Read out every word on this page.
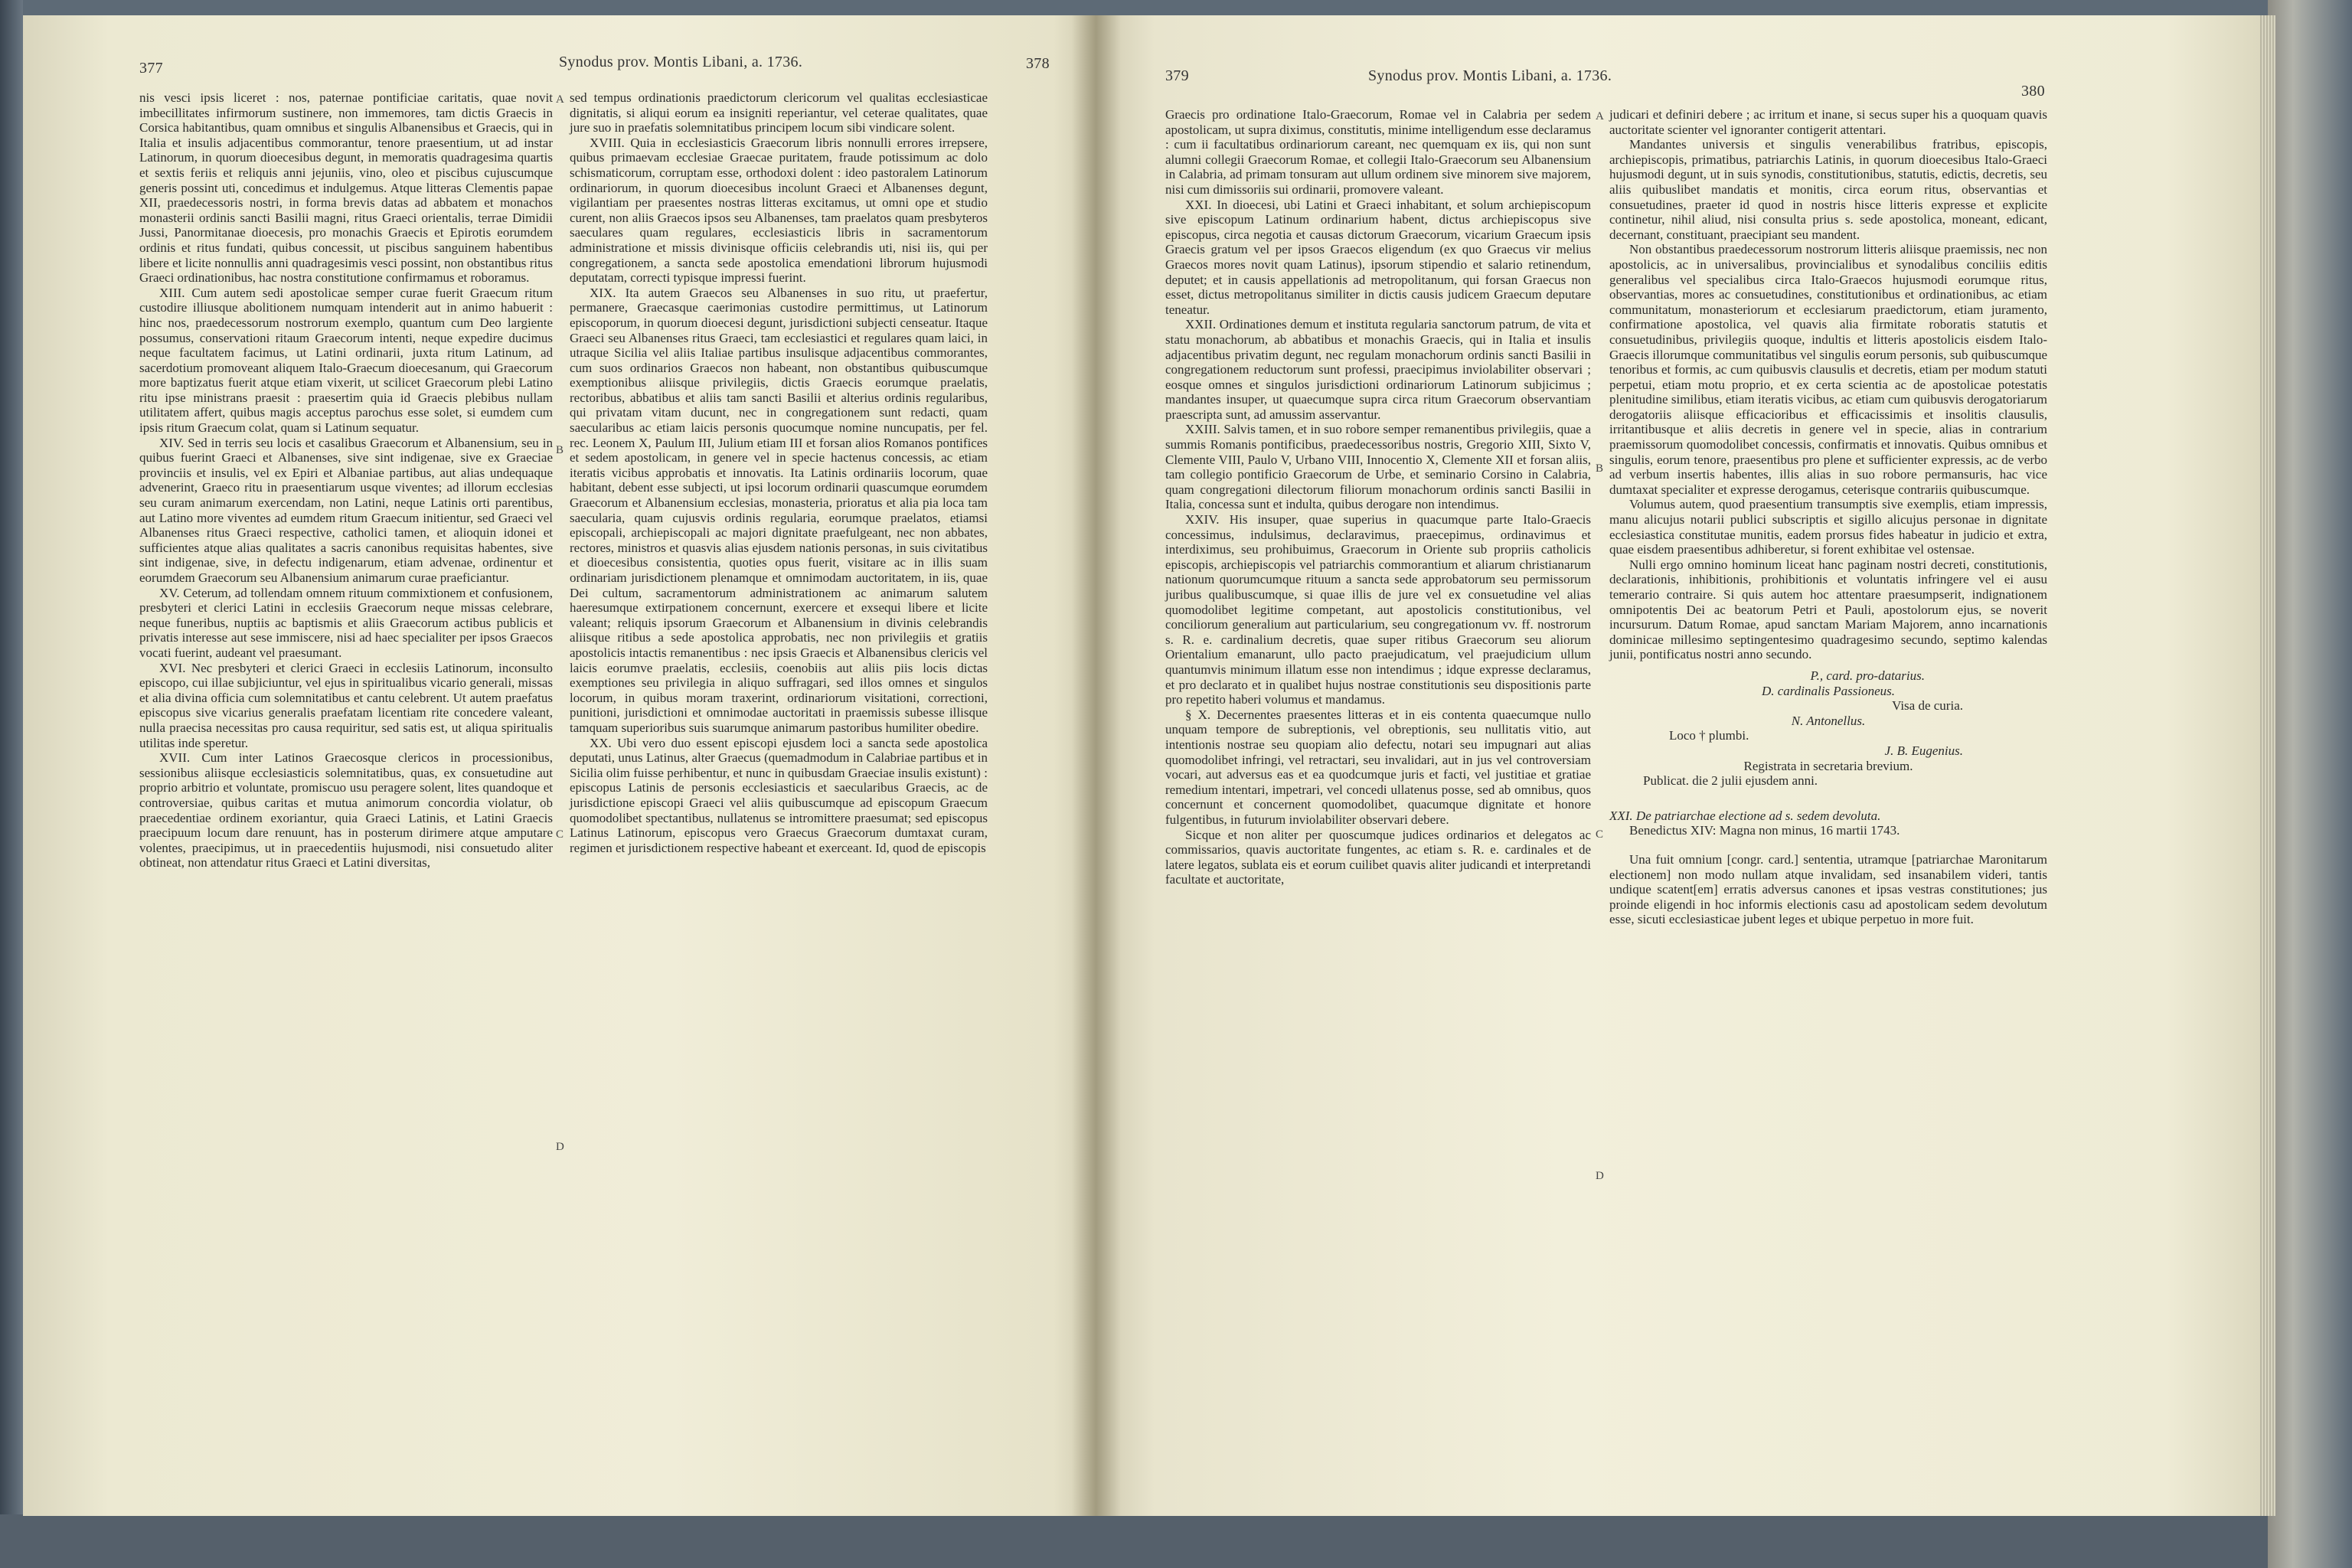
377	Synodus prov. Montis Libani, a. 1736.	378

nis vesci ipsis liceret : nos, paternae pontificiae caritatis, quae novit imbecillitates infirmorum sustinere, non immemores, tam dictis Graecis in Corsica habitantibus, quam omnibus et singulis Albanensibus et Graecis, qui in Italia et insulis adjacentibus commorantur, tenore praesentium, ut ad instar Latinorum, in quorum dioecesibus degunt, in memoratis quadragesima quartis et sextis feriis et reliquis anni jejuniis, vino, oleo et piscibus cujuscumque generis possint uti, concedimus et indulgemus. Atque litteras Clementis papae XII, praedecessoris nostri, in forma brevis datas ad abbatem et monachos monasterii ordinis sancti Basilii magni, ritus Graeci orientalis, terrae Dimidii Jussi, Panormitanae dioecesis, pro monachis Graecis et Epirotis eorumdem ordinis et ritus fundati, quibus concessit, ut piscibus sanguinem habentibus libere et licite nonnullis anni quadragesimis vesci possint, non obstantibus ritus Graeci ordinationibus, hac nostra constitutione confirmamus et roboramus.

XIII. Cum autem sedi apostolicae semper curae fuerit Graecum ritum custodire illiusque abolitionem numquam intenderit aut in animo habuerit : hinc nos, praedecessorum nostrorum exemplo, quantum cum Deo largiente possumus, conservationi ritaum Graecorum intenti, neque expedire ducimus neque facultatem facimus, ut Latini ordinarii, juxta ritum Latinum, ad sacerdotium promoveant aliquem Italo-Graecum dioecesanum, qui Graecorum more baptizatus fuerit atque etiam vixerit, ut scilicet Graecorum plebi Latino ritu ipse ministrans praesit : praesertim quia id Graecis plebibus nullam utilitatem affert, quibus magis acceptus parochus esse solet, si eumdem cum ipsis ritum Graecum colat, quam si Latinum sequatur.

XIV. Sed in terris seu locis et casalibus Graecorum et Albanensium, seu in quibus fuerint Graeci et Albanenses, sive sint indigenae, sive ex Graeciae provinciis et insulis, vel ex Epiri et Albaniae partibus, aut alias undequaque advenerint, Graeco ritu in praesentiarum usque viventes; ad illorum ecclesias seu curam animarum exercendam, non Latini, neque Latinis orti parentibus, aut Latino more viventes ad eumdem ritum Graecum initientur, sed Graeci vel Albanenses ritus Graeci respective, catholici tamen, et alioquin idonei et sufficientes atque alias qualitates a sacris canonibus requisitas habentes, sive sint indigenae, sive, in defectu indigenarum, etiam advenae, ordinentur et eorumdem Graecorum seu Albanensium animarum curae praeficiantur.

XV. Ceterum, ad tollendam omnem rituum commixtionem et confusionem, presbyteri et clerici Latini in ecclesiis Graecorum neque missas celebrare, neque funeribus, nuptiis ac baptismis et aliis Graecorum actibus publicis et privatis interesse aut sese immiscere, nisi ad haec specialiter per ipsos Graecos vocati fuerint, audeant vel praesumant.

XVI. Nec presbyteri et clerici Graeci in ecclesiis Latinorum, inconsulto episcopo, cui illae subjiciuntur, vel ejus in spiritualibus vicario generali, missas et alia divina officia cum solemnitatibus et cantu celebrent. Ut autem praefatus episcopus sive vicarius generalis praefatam licentiam rite concedere valeant, nulla praecisa necessitas pro causa requiritur, sed satis est, ut aliqua spiritualis utilitas inde speretur.

XVII. Cum inter Latinos Graecosque clericos in processionibus, sessionibus aliisque ecclesiasticis solemnitatibus, quas, ex consuetudine aut proprio arbitrio et voluntate, promiscuo usu peragere solent, lites quandoque et controversiae, quibus caritas et mutua animorum concordia violatur, ob praecedentiae ordinem exoriantur, quia Graeci Latinis, et Latini Graecis praecipuum locum dare renuunt, has in posterum dirimere atque amputare volentes, praecipimus, ut in praecedentiis hujusmodi, nisi consuetudo aliter obtineat, non attendatur ritus Graeci et Latini diversitas,

A
B
C
D

sed tempus ordinationis praedictorum clericorum vel qualitas ecclesiasticae dignitatis, si aliqui eorum ea insigniti reperiantur, vel ceterae qualitates, quae jure suo in praefatis solemnitatibus principem locum sibi vindicare solent.

XVIII. Quia in ecclesiasticis Graecorum libris nonnulli errores irrepsere, quibus primaevam ecclesiae Graecae puritatem, fraude potissimum ac dolo schismaticorum, corruptam esse, orthodoxi dolent : ideo pastoralem Latinorum ordinariorum, in quorum dioecesibus incolunt Graeci et Albanenses degunt, vigilantiam per praesentes nostras litteras excitamus, ut omni ope et studio curent, non aliis Graecos ipsos seu Albanenses, tam praelatos quam presbyteros saeculares quam regulares, ecclesiasticis libris in sacramentorum administratione et missis divinisque officiis celebrandis uti, nisi iis, qui per congregationem, a sancta sede apostolica emendationi librorum hujusmodi deputatam, correcti typisque impressi fuerint.

XIX. Ita autem Graecos seu Albanenses in suo ritu, ut praefertur, permanere, Graecasque caerimonias custodire permittimus, ut Latinorum episcoporum, in quorum dioecesi degunt, jurisdictioni subjecti censeatur. Itaque Graeci seu Albanenses ritus Graeci, tam ecclesiastici et regulares quam laici, in utraque Sicilia vel aliis Italiae partibus insulisque adjacentibus commorantes, cum suos ordinarios Graecos non habeant, non obstantibus quibuscumque exemptionibus aliisque privilegiis, dictis Graecis eorumque praelatis, rectoribus, abbatibus et aliis tam sancti Basilii et alterius ordinis regularibus, qui privatam vitam ducunt, nec in congregationem sunt redacti, quam saecularibus ac etiam laicis personis quocumque nomine nuncupatis, per fel. rec. Leonem X, Paulum III, Julium etiam III et forsan alios Romanos pontifices et sedem apostolicam, in genere vel in specie hactenus concessis, ac etiam iteratis vicibus approbatis et innovatis. Ita Latinis ordinariis locorum, quae habitant, debent esse subjecti, ut ipsi locorum ordinarii quascumque eorumdem Graecorum et Albanensium ecclesias, monasteria, prioratus et alia pia loca tam saecularia, quam cujusvis ordinis regularia, eorumque praelatos, etiamsi episcopali, archiepiscopali ac majori dignitate praefulgeant, nec non abbates, rectores, ministros et quasvis alias ejusdem nationis personas, in suis civitatibus et dioecesibus consistentia, quoties opus fuerit, visitare ac in illis suam ordinariam jurisdictionem plenamque et omnimodam auctoritatem, in iis, quae Dei cultum, sacramentorum administrationem ac animarum salutem haeresumque extirpationem concernunt, exercere et exsequi libere et licite valeant; reliquis ipsorum Graecorum et Albanensium in divinis celebrandis aliisque ritibus a sede apostolica approbatis, nec non privilegiis et gratiis apostolicis intactis remanentibus : nec ipsis Graecis et Albanensibus clericis vel laicis eorumve praelatis, ecclesiis, coenobiis aut aliis piis locis dictas exemptiones seu privilegia in aliquo suffragari, sed illos omnes et singulos locorum, in quibus moram traxerint, ordinariorum visitationi, correctioni, punitioni, jurisdictioni et omnimodae auctoritati in praemissis subesse illisque tamquam superioribus suis suarumque animarum pastoribus humiliter obedire.

XX. Ubi vero duo essent episcopi ejusdem loci a sancta sede apostolica deputati, unus Latinus, alter Graecus (quemadmodum in Calabriae partibus et in Sicilia olim fuisse perhibentur, et nunc in quibusdam Graeciae insulis existunt) : episcopus Latinis de personis ecclesiasticis et saecularibus Graecis, ac de jurisdictione episcopi Graeci vel aliis quibuscumque ad episcopum Graecum quomodolibet spectantibus, nullatenus se intromittere praesumat; sed episcopus Latinus Latinorum, episcopus vero Graecus Graecorum dumtaxat curam, regimen et jurisdictionem respective habeant et exerceant. Id, quod de episcopis

379	Synodus prov. Montis Libani, a. 1736.
380

Graecis pro ordinatione Italo-Graecorum, Romae vel in Calabria per sedem apostolicam, ut supra diximus, constitutis, minime intelligendum esse declaramus : cum ii facultatibus ordinariorum careant, nec quemquam ex iis, qui non sunt alumni collegii Graecorum Romae, et collegii Italo-Graecorum seu Albanensium in Calabria, ad primam tonsuram aut ullum ordinem sive minorem sive majorem, nisi cum dimissoriis sui ordinarii, promovere valeant.

XXI. In dioecesi, ubi Latini et Graeci inhabitant, et solum archiepiscopum sive episcopum Latinum ordinarium habent, dictus archiepiscopus sive episcopus, circa negotia et causas dictorum Graecorum, vicarium Graecum ipsis Graecis gratum vel per ipsos Graecos eligendum (ex quo Graecus vir melius Graecos mores novit quam Latinus), ipsorum stipendio et salario retinendum, deputet; et in causis appellationis ad metropolitanum, qui forsan Graecus non esset, dictus metropolitanus similiter in dictis causis judicem Graecum deputare teneatur.

XXII. Ordinationes demum et instituta regularia sanctorum patrum, de vita et statu monachorum, ab abbatibus et monachis Graecis, qui in Italia et insulis adjacentibus privatim degunt, nec regulam monachorum ordinis sancti Basilii in congregationem reductorum sunt professi, praecipimus inviolabiliter observari ; eosque omnes et singulos jurisdictioni ordinariorum Latinorum subjicimus ; mandantes insuper, ut quaecumque supra circa ritum Graecorum observantiam praescripta sunt, ad amussim asservantur.

XXIII. Salvis tamen, et in suo robore semper remanentibus privilegiis, quae a summis Romanis pontificibus, praedecessoribus nostris, Gregorio XIII, Sixto V, Clemente VIII, Paulo V, Urbano VIII, Innocentio X, Clemente XII et forsan aliis, tam collegio pontificio Graecorum de Urbe, et seminario Corsino in Calabria, quam congregationi dilectorum filiorum monachorum ordinis sancti Basilii in Italia, concessa sunt et indulta, quibus derogare non intendimus.

XXIV. His insuper, quae superius in quacumque parte Italo-Graecis concessimus, indulsimus, declaravimus, praecepimus, ordinavimus et interdiximus, seu prohibuimus, Graecorum in Oriente sub propriis catholicis episcopis, archiepiscopis vel patriarchis commorantium et aliarum christianarum nationum quorumcumque rituum a sancta sede approbatorum seu permissorum juribus qualibuscumque, si quae illis de jure vel ex consuetudine vel alias quomodolibet legitime competant, aut apostolicis constitutionibus, vel conciliorum generalium aut particularium, seu congregationum vv. ff. nostrorum s. R. e. cardinalium decretis, quae super ritibus Graecorum seu aliorum Orientalium emanarunt, ullo pacto praejudicatum, vel praejudicium ullum quantumvis minimum illatum esse non intendimus ; idque expresse declaramus, et pro declarato et in qualibet hujus nostrae constitutionis seu dispositionis parte pro repetito haberi volumus et mandamus.

§ X. Decernentes praesentes litteras et in eis contenta quaecumque nullo unquam tempore de subreptionis, vel obreptionis, seu nullitatis vitio, aut intentionis nostrae seu quopiam alio defectu, notari seu impugnari aut alias quomodolibet infringi, vel retractari, seu invalidari, aut in jus vel controversiam vocari, aut adversus eas et ea quodcumque juris et facti, vel justitiae et gratiae remedium intentari, impetrari, vel concedi ullatenus posse, sed ab omnibus, quos concernunt et concernent quomodolibet, quacumque dignitate et honore fulgentibus, in futurum inviolabiliter observari debere.

Sicque et non aliter per quoscumque judices ordinarios et delegatos ac commissarios, quavis auctoritate fungentes, ac etiam s. R. e. cardinales et de latere legatos, sublata eis et eorum cuilibet quavis aliter judicandi et interpretandi facultate et auctoritate,

A
B
C
D

judicari et definiri debere ; ac irritum et inane, si secus super his a quoquam quavis auctoritate scienter vel ignoranter contigerit attentari.

Mandantes universis et singulis venerabilibus fratribus, episcopis, archiepiscopis, primatibus, patriarchis Latinis, in quorum dioecesibus Italo-Graeci hujusmodi degunt, ut in suis synodis, constitutionibus, statutis, edictis, decretis, seu aliis quibuslibet mandatis et monitis, circa eorum ritus, observantias et consuetudines, praeter id quod in nostris hisce litteris expresse et explicite continetur, nihil aliud, nisi consulta prius s. sede apostolica, moneant, edicant, decernant, constituant, praecipiant seu mandent.

Non obstantibus praedecessorum nostrorum litteris aliisque praemissis, nec non apostolicis, ac in universalibus, provincialibus et synodalibus conciliis editis generalibus vel specialibus circa Italo-Graecos hujusmodi eorumque ritus, observantias, mores ac consuetudines, constitutionibus et ordinationibus, ac etiam communitatum, monasteriorum et ecclesiarum praedictorum, etiam juramento, confirmatione apostolica, vel quavis alia firmitate roboratis statutis et consuetudinibus, privilegiis quoque, indultis et litteris apostolicis eisdem Italo-Graecis illorumque communitatibus vel singulis eorum personis, sub quibuscumque tenoribus et formis, ac cum quibusvis clausulis et decretis, etiam per modum statuti perpetui, etiam motu proprio, et ex certa scientia ac de apostolicae potestatis plenitudine similibus, etiam iteratis vicibus, ac etiam cum quibusvis derogatoriarum derogatoriis aliisque efficacioribus et efficacissimis et insolitis clausulis, irritantibusque et aliis decretis in genere vel in specie, alias in contrarium praemissorum quomodolibet concessis, confirmatis et innovatis. Quibus omnibus et singulis, eorum tenore, praesentibus pro plene et sufficienter expressis, ac de verbo ad verbum insertis habentes, illis alias in suo robore permansuris, hac vice dumtaxat specialiter et expresse derogamus, ceterisque contrariis quibuscumque.

Volumus autem, quod praesentium transumptis sive exemplis, etiam impressis, manu alicujus notarii publici subscriptis et sigillo alicujus personae in dignitate ecclesiastica constitutae munitis, eadem prorsus fides habeatur in judicio et extra, quae eisdem praesentibus adhiberetur, si forent exhibitae vel ostensae.

Nulli ergo omnino hominum liceat hanc paginam nostri decreti, constitutionis, declarationis, inhibitionis, prohibitionis et voluntatis infringere vel ei ausu temerario contraire. Si quis autem hoc attentare praesumpserit, indignationem omnipotentis Dei ac beatorum Petri et Pauli, apostolorum ejus, se noverit incursurum. Datum Romae, apud sanctam Mariam Majorem, anno incarnationis dominicae millesimo septingentesimo quadragesimo secundo, septimo kalendas junii, pontificatus nostri anno secundo.

P., card. pro-datarius.

D. cardinalis Passioneus.

Visa de curia.

N. Antonellus.

Loco † plumbi.

J. B. Eugenius.

Registrata in secretaria brevium.

Publicat. die 2 julii ejusdem anni.

XXI. De patriarchae electione ad s. sedem devoluta.

Benedictus XIV: Magna non minus, 16 martii 1743.

Una fuit omnium [congr. card.] sententia, utramque [patriarchae Maronitarum electionem] non modo nullam atque invalidam, sed insanabilem videri, tantis undique scatent[em] erratis adversus canones et ipsas vestras constitutiones; jus proinde eligendi in hoc informis electionis casu ad apostolicam sedem devolutum esse, sicuti ecclesiasticae jubent leges et ubique perpetuo in more fuit.
